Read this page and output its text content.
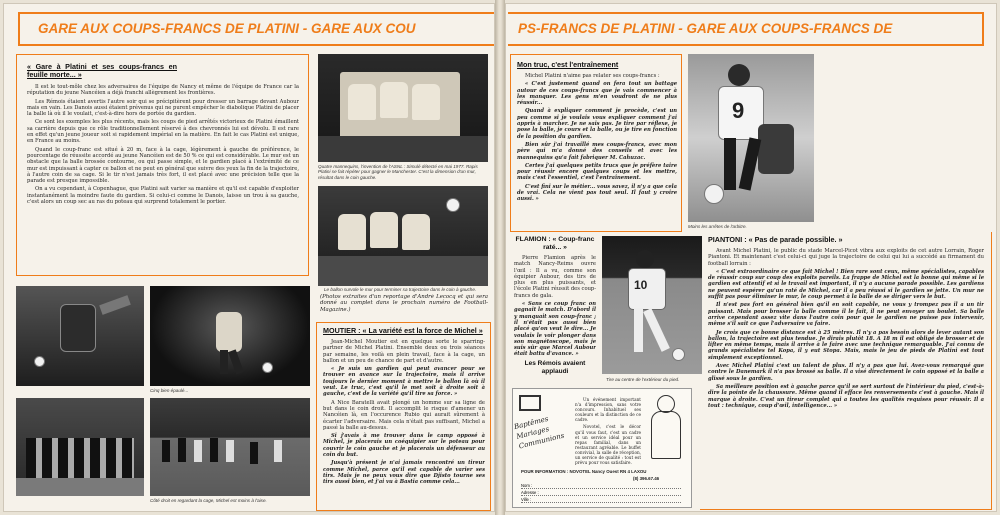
GARE AUX COUPS-FRANCS DE PLATINI - GARE AUX COU
« Gare à Platini et ses coups-francs en feuille morte... »

Il est le tout-môle chez les adversaires de l'équipe de Nancy et même de l'équipe de France car la réputation du jeune Nancéien a déjà franchi allègrement les frontières.

Les Rémois étaient avertis l'autre soir qui se précipitèrent pour dresser un barrage devant Aubour mais en vain. Les Danois aussi étaient prévenus qui ne purent empêcher le diabolique Platini de placer la balle là où il le voulait, c'est-à-dire hors de portée du gardien.

Ce sont les exemples les plus récents, mais les coups de pied arrêtés victorieux de Platini émaillent sa carrière depuis que ce rôle traditionnellement réservé à des chevronnés lui est dévolu. Il est rare en effet qu'un jeune joueur soit si rapidement impérial en la matière. En fait le cas Platini est unique, en France au moins.

Quand le coup-franc est situé à 20 m, face à la cage, légèrement à gauche de préférence, le pourcentage de réussite accordé au jeune Nancéien est de 50 % ce qui est considérable. Le mur est un obstacle que la balle brossée contourne, ou qui passe simple, et le gardien placé à l'extrémité de ce mur est impuissant à capter ce ballon et ne peut en général que suivre des yeux la fin de la trajectoire, à l'autre coin de sa cage. Si le tir n'est jamais très fort, il est placé avec une précision telle que la parade est presque impossible.

On a vu cependant, à Copenhague, que Platini sait varier sa manière et qu'il est capable d'exploiter instantanément la moindre faute du gardien. Si celui-ci comme le Danois, laisse un trou à sa gauche, c'est alors un coup sec au ras du poteau qui surprend totalement le portier.

Quatre mannequins, l'invention de l'ASNL : Simulé détecté en mai 1977. Rapis Platini se fait répéter pour gagner le Manchester. C'est la dimension d'un mur, résultat dans le coin gauche.
Le ballon survole le mur pour terminer sa trajectoire dans le coin à gauche.
Cinq bien épaulé...
(Photos extraites d'un reportage d'André Lecocq et qui sera donné au complet dans le prochain numéro de Football-Magazine.)
MOUTIER : « La variété est la force de Michel »

Jean-Michel Moutier est en quelque sorte le sparring-partner de Michel Platini. Ensemble deux ou trois séances par semaine, les voilà en plein travail, face à la cage, un ballon et un peu de chance de part et d'autre.

« Je suis un gardien qui peut avancer pour se trouver en avance sur la trajectoire, mais il arrive toujours le dernier moment à mettre le ballon là où il veut. Le truc, c'est qu'il le met soit à droite soit à gauche, c'est de la variété qu'il tire sa force. »

A Nice Baratelli avait plongé un homme sur sa ligne de but dans le coin droit. Il accomplit le risque d'amener un Nancéien là, en l'occurence Rubio qui aurait sûrement à écarter l'adversaire. Mais cela n'était pas suffisant, Michel a passé la balle au-dessus.

Si j'avais à me trouver dans le camp opposé à Michel, je placerais un coéquipier sur le poteau pour couvrir le coin gauche et je placerais un défenseur au coin du but.

Jusqu'à présent je n'ai jamais rencontré un tireur comme Michel, parce qu'il est capable de varier ses tirs. Mais je ne peux vous dire que Djisto tourne ses tirs aussi bien, et j'ai vu à Bastia comme cela...

Côté droit en regardant la cage, Michel est moins à l'aise.
PS-FRANCS DE PLATINI - GARE AUX COUPS-FRANCS DE
Mon truc, c'est l'entraînement

Michel Platini n'aime pas relater ses coups-francs :

« C'est justement quand on fera tout un battage autour de ces coups-francs que je vais commencer à les manquer. Les gens m'en voudront de ne plus réussir...

Quand à expliquer comment je procède, c'est un peu comme si je voulais vous expliquer comment j'ai appris à marcher. Je ne sais pas. Je tire par réflexe, je pose la balle, je cours et la balle, ou je tire en fonction de la position du gardien.

Bien sûr j'ai travaillé mes coups-francs, avec mon père qui m'a donné des conseils et avec les mannequins qu'a fait fabriquer M. Cahuzac.

Certes j'ai quelques petits trucs que je préfère taire pour réussir encore quelques coups et les mettre, mais c'est l'essentiel, c'est l'entraînement.

C'est fini sur le métier... vous savez, il n'y a que cela de vrai. Cela ne vient pas tout seul. Il faut y croire aussi. »

9
Moins les arrêtes de l'arbitre.
10
Tire au centre de l'extérieur du pied.
FLAMION : « Coup-franc raté... »

Pierre Flamion après le match Nancy-Reims ouvre l'œil : Il a vu, comme son équipier Aubour, des tirs de plus en plus puissants, et l'école Platini réussit des coup-francs de gala.

« Sans ce coup franc on gagnait le match. D'abord il y manquait son coup-franc ; il n'était pas aussi bien placé qu'on veut le dire... Je voulais le voir plonger dans son magnétoscope, mais je suis sûr que Marcel Aubour était battu d'avance. »

Les Rémois avaient applaudi

PIANTONI : « Pas de parade possible. »

Avant Michel Platini, le public du stade Marcel-Picot vibra aux exploits de cet autre Lorrain, Roger Piantoni. Et maintenant c'est celui-ci qui juge la trajectoire de celui qui lui a succédé au firmament du football lorrain :

« C'est extraordinaire ce que fait Michel ! Bien rare sont ceux, même spécialistes, capables de réussir coup sur coup des exploits pareils. La frappe de Michel est la bonne qui même si le gardien est attentif et si le travail est important, il n'y a aucune parade possible. Les gardiens ne peuvent espérer qu'un raté de Michel, car il a peu réussi si le gardien se jette. Un mur ne suffit pas pour éliminer le mur, le coup permet à la balle de se diriger vers le but.

Il n'est pas fort en général bien qu'il en soit capable, ne vous y trompez pas il a un tir puissant. Mais pour brosser la balle comme il le fait, il ne peut envoyer un boulet. Sa balle arrive cependant assez vite dans l'autre coin pour que le gardien ne puisse pas intervenir, même s'il sait ce que l'adversaire va faire.

Je crois que ce bonne distance est à 25 mètres. Il n'y a pas besoin alors de lever autant son ballon, la trajectoire est plus tendue. Je dirais plutôt 18. A 18 m il est obligé de brosser et de lifter en même temps, mais il arrive à le faire avec une technique remarquable. J'ai connu de grands spécialistes tel Kopa, il y eut Stopa. Mais, mais le jeu de pieds de Platini est tout simplement exceptionnel.

Avec Michel Platini c'est un talent de plus. Il n'y a pas que lui. Avez-vous remarqué que contre le Danemark il n'a pas brossé sa balle. Il a visé directement le coin opposé et la balle a glissé sous le gardien.

Sa meilleure position est à gauche parce qu'il se sert surtout de l'intérieur du pied, c'est-à-dire la pointe de la chaussure. Même quand il efface les renversements c'est à gauche. Mais il marque à droite. C'est un tireur complet qui a toutes les qualités requises pour réussir. Il a tout : technique, coup d'œil, intelligence... »

Baptêmes Mariages Communions

Un événement important n'a d'impression, sans votre concours. Inhabituel ses couleurs et la distinction de ce cadre.

Novotel, c'est le décor qu'il vous faut, c'est un cadre et un service idéal pour un repas familial, dans un restaurant agréable. Le buffet convivial, la salle de réception, un service de qualité : tout est prévu pour vous satisfaire.

POUR INFORMATION : NOVOTEL Nancy Ouest RN 4 LAXOU
(8) 396.67.46
Nom :
Adresse :
Ville :
